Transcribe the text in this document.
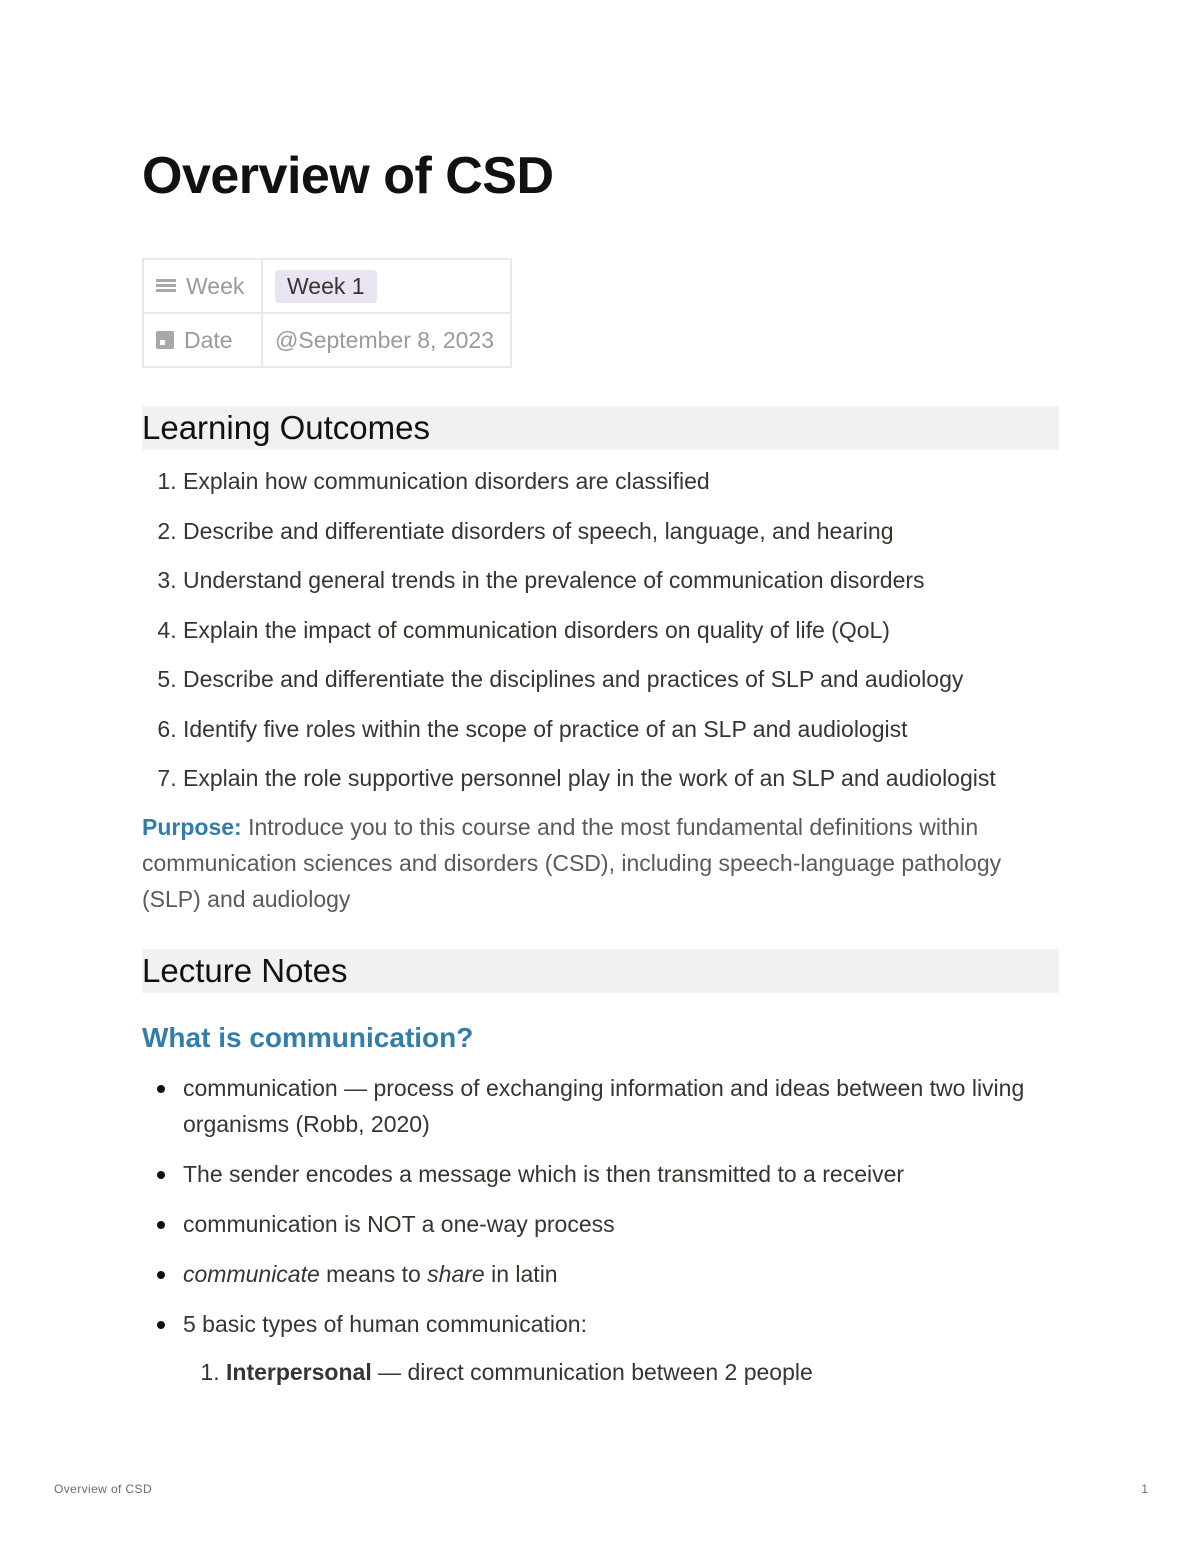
Overview of CSD
Week	Week 1

Date	@September 8, 2023
Learning Outcomes
1. Explain how communication disorders are classified
2. Describe and differentiate disorders of speech, language, and hearing
3. Understand general trends in the prevalence of communication disorders
4. Explain the impact of communication disorders on quality of life (QoL)
5. Describe and differentiate the disciplines and practices of SLP and audiology
6. Identify five roles within the scope of practice of an SLP and audiologist
7. Explain the role supportive personnel play in the work of an SLP and audiologist

Purpose: Introduce you to this course and the most fundamental definitions within communication sciences and disorders (CSD), including speech-language pathology (SLP) and audiology

Lecture Notes
What is communication?
communication — process of exchanging information and ideas between two living organisms (Robb, 2020)
The sender encodes a message which is then transmitted to a receiver
communication is NOT a one-way process
communicate means to share in latin
5 basic types of human communication:
1. Interpersonal — direct communication between 2 people
Overview of CSD	1
